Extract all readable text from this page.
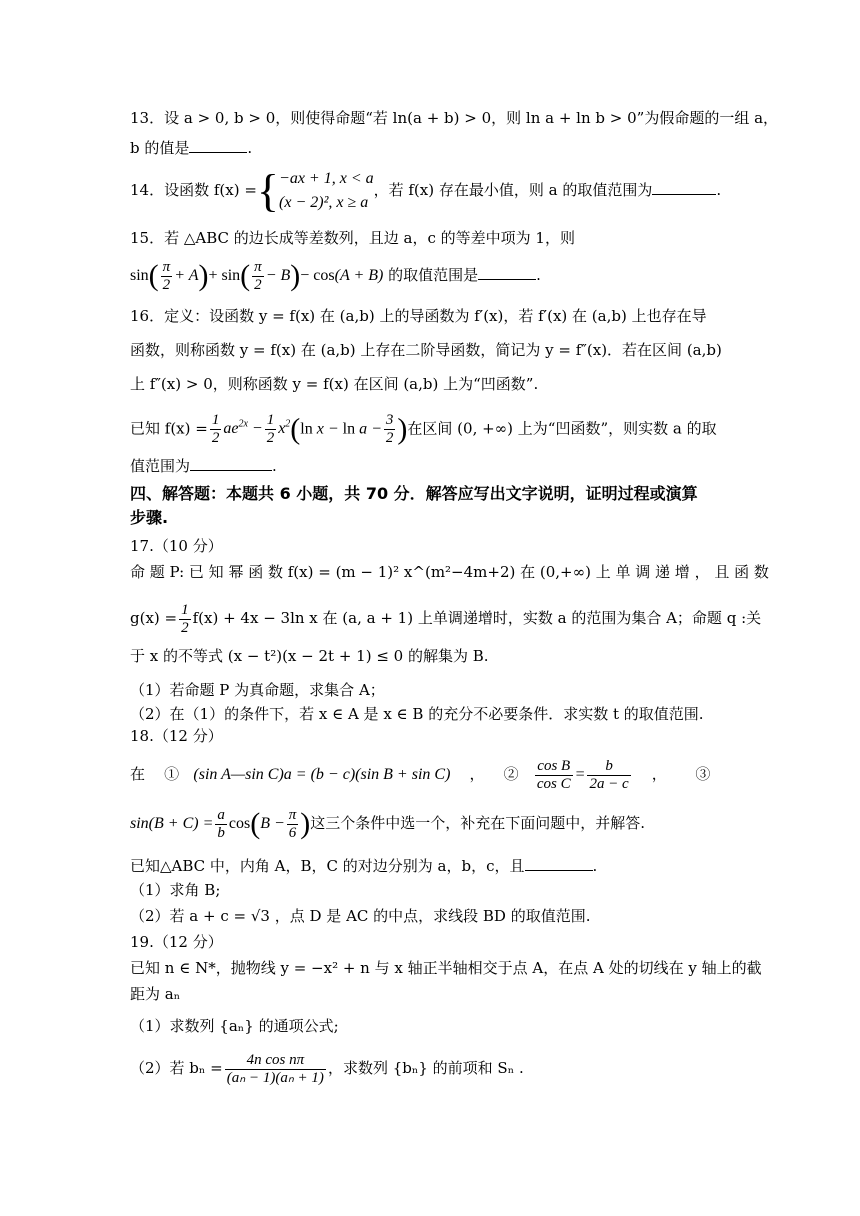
13．设 a > 0, b > 0，则使得命题“若 ln(a + b) > 0，则 ln a + ln b > 0”为假命题的一组 a，
b 的值是	.
14．设函数 f(x) ={ −ax + 1, x < a
(x − 2)², x ≥ a
，若 f(x) 存在最小值，则 a 的取值范围为	.
15．若 △ABC 的边长成等差数列，且边 a，c 的等差中项为 1，则
$\sin( \frac{\pi}{2} + A)+ \sin( \frac{\pi}{2} - B)- \cos(A + B)$ 的取值范围是	.
16．定义：设函数 y = f(x) 在 (a,b) 上的导函数为 f′(x)，若 f′(x) 在 (a,b) 上也存在导
函数，则称函数 y = f(x) 在 (a,b) 上存在二阶导函数，简记为 y = f″(x)．若在区间 (a,b)
上 f″(x) > 0，则称函数 y = f(x) 在区间 (a,b) 上为“凹函数”.
已知 $f(x) = \frac{1}{2} ae^{2x} - \frac{1}{2} x^2(\ln$ $x - \ln a - \frac{3}{2}$ )在区间 (0, +∞) 上为“凹函数”，则实数 a 的取
值范围为	.
四、解答题：本题共 6 小题，共 70 分．解答应写出文字说明，证明过程或演算
步骤.
17.（10 分）
命 题 P: 已 知 幂 函 数 f(x) = (m − 1)² x^(m²−4m+2) 在 (0,+∞) 上 单 调 递 增 ， 且 函 数
$g(x) = \frac{1}{2} f(x) + 4x - 3\ln$ x 在 (a, a + 1) 上单调递增时，实数 a 的范围为集合 A；命题 q :关
于 x 的不等式 (x − t²)(x − 2t + 1) ≤ 0 的解集为 B.
（1）若命题 P 为真命题，求集合 A；
（2）在（1）的条件下，若 x ∈ A 是 x ∈ B 的充分不必要条件．求实数 t 的取值范围.
18.（12 分）
在 ① (sin A—sin C)a = (b − c)(sin B + sin C)    ，    ② $\frac{\text{cos B}}{\text{cos C}} = \frac{b}{2a - c}$ ，      ③
$\sin(B + C) = \frac{a}{b} \cos(B - \frac{\pi}{6}$ )这三个条件中选一个，补充在下面问题中，并解答.
已知△ABC 中，内角 A，B，C 的对边分别为 a，b，c，且	.
（1）求角 B;
（2）若 a + c = √3 ，点 D 是 AC 的中点，求线段 BD 的取值范围.
19.（12 分）
已知 n ∈ N*，抛物线 y = −x² + n 与 x 轴正半轴相交于点 A，在点 A 处的切线在 y 轴上的截
距为 aₙ
（1）求数列 {aₙ} 的通项公式;
（2）若 $b_n = \frac{\text{4n cos nπ}}{\text{(aₙ − 1)(aₙ + 1)}}$ ，求数列 {bₙ} 的前项和 Sₙ .
